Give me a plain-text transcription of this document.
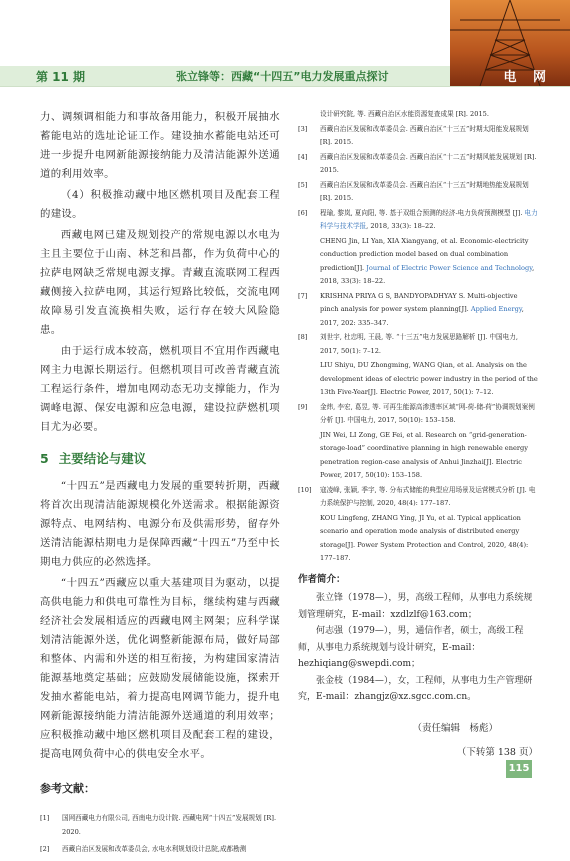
第 11 期	张立锋等：西藏“十四五”电力发展重点探讨	电 网

力、调频调相能力和事故备用能力，积极开展抽水蓄能电站的选址论证工作。建设抽水蓄能电站还可进一步提升电网新能源接纳能力及清洁能源外送通道的利用效率。

（4）积极推动藏中地区燃机项目及配套工程的建设。

西藏电网已建及规划投产的常规电源以水电为主且主要位于山南、林芝和昌都，作为负荷中心的拉萨电网缺乏常规电源支撑。青藏直流联网工程西藏侧接入拉萨电网，其运行短路比较低，交流电网故障易引发直流换相失败，运行存在较大风险隐患。

由于运行成本较高，燃机项目不宜用作西藏电网主力电源长期运行。但燃机项目可改善青藏直流工程运行条件，增加电网动态无功支撑能力，作为调峰电源、保安电源和应急电源，建设拉萨燃机项目尤为必要。

5 主要结论与建议

“十四五”是西藏电力发展的重要转折期，西藏将首次出现清洁能源规模化外送需求。根据能源资源特点、电网结构、电源分布及供需形势，留存外送清洁能源枯期电力是保障西藏“十四五”乃至中长期电力供应的必然选择。

“十四五”西藏应以重大基建项目为驱动，以提高供电能力和供电可靠性为目标，继续构建与西藏经济社会发展相适应的西藏电网主网架；应科学谋划清洁能源外送，优化调整新能源布局，做好局部和整体、内需和外送的相互衔接，为构建国家清洁能源基地奠定基础；应鼓励发展储能设施，探索开发抽水蓄能电站，着力提高电网调节能力，提升电网新能源接纳能力清洁能源外送通道的利用效率；应积极推动藏中地区燃机项目及配套工程的建设，提高电网负荷中心的供电安全水平。

参考文献：
[1] 国网西藏电力有限公司, 西南电力设计院. 西藏电网“十四五”发展规划 [R]. 2020.
[2] 西藏自治区发展和改革委员会, 水电水利规划设计总院,成都勘测
设计研究院, 等. 西藏自治区水能资源复查成果 [R]. 2015.
[3] 西藏自治区发展和改革委员会. 西藏自治区“十三五”时期太阳能发展规划 [R]. 2015.
[4] 西藏自治区发展和改革委员会. 西藏自治区“十二五”时期风能发展规划 [R]. 2015.
[5] 西藏自治区发展和改革委员会. 西藏自治区“十三五”时期地热能发展规划 [R]. 2015.
[6] 程瑜, 黎岚, 夏向阳, 等. 基于双组合预测的经济-电力负荷预测模型 [J]. 电力科学与技术学报, 2018, 33(3): 18–22.
CHENG Jin, LI Yan, XIA Xiangyang, et al. Economic-electricity conduction prediction model based on dual combination prediction[J]. Journal of Electric Power Science and Technology, 2018, 33(3): 18–22.
[7] KRISHNA PRIYA G S, BANDYOPADHYAY S. Multi-objective pinch analysis for power system planning[J]. Applied Energy, 2017, 202: 335–347.
[8] 刘世宇, 杜忠明, 王晨, 等. “十三五”电力发展思路解析 [J]. 中国电力, 2017, 50(1): 7–12.
LIU Shiyu, DU Zhongming, WANG Qian, et al. Analysis on the development ideas of electric power industry in the period of the 13th Five-Year[J]. Electric Power, 2017, 50(1): 7–12.
[9] 金炜, 李宏, 葛昱, 等. 可再生能源高渗透率区域“网-荷-储-荷”协调规划案例分析 [J]. 中国电力, 2017, 50(10): 153–158.
JIN Wei, LI Zong, GE Fei, et al. Research on “grid-generation-storage-load” coordinative planning in high renewable energy penetration region-case analysis of Anhui Jinzhai[J]. Electric Power, 2017, 50(10): 153–158.
[10] 寇凌峰, 张颖, 季宇, 等. 分布式储能的典型应用场景及运营模式分析 [J]. 电力系统保护与控制, 2020, 48(4): 177–187.
KOU Lingfeng, ZHANG Ying, JI Yu, et al. Typical application scenario and operation mode analysis of distributed energy storage[J]. Power System Protection and Control, 2020, 48(4): 177–187.
作者简介：

张立锋（1978—），男，高级工程师，从事电力系统规划管理研究，E-mail：xzdlzlf@163.com；

何志强（1979—），男，通信作者，硕士，高级工程师，从事电力系统规划与设计研究，E-mail：hezhiqiang@swepdi.com；

张金枝（1984—），女，工程师，从事电力生产管理研究，E-mail：zhangjz@xz.sgcc.com.cn。

（责任编辑　杨彪）
（下转第 138 页）
115
